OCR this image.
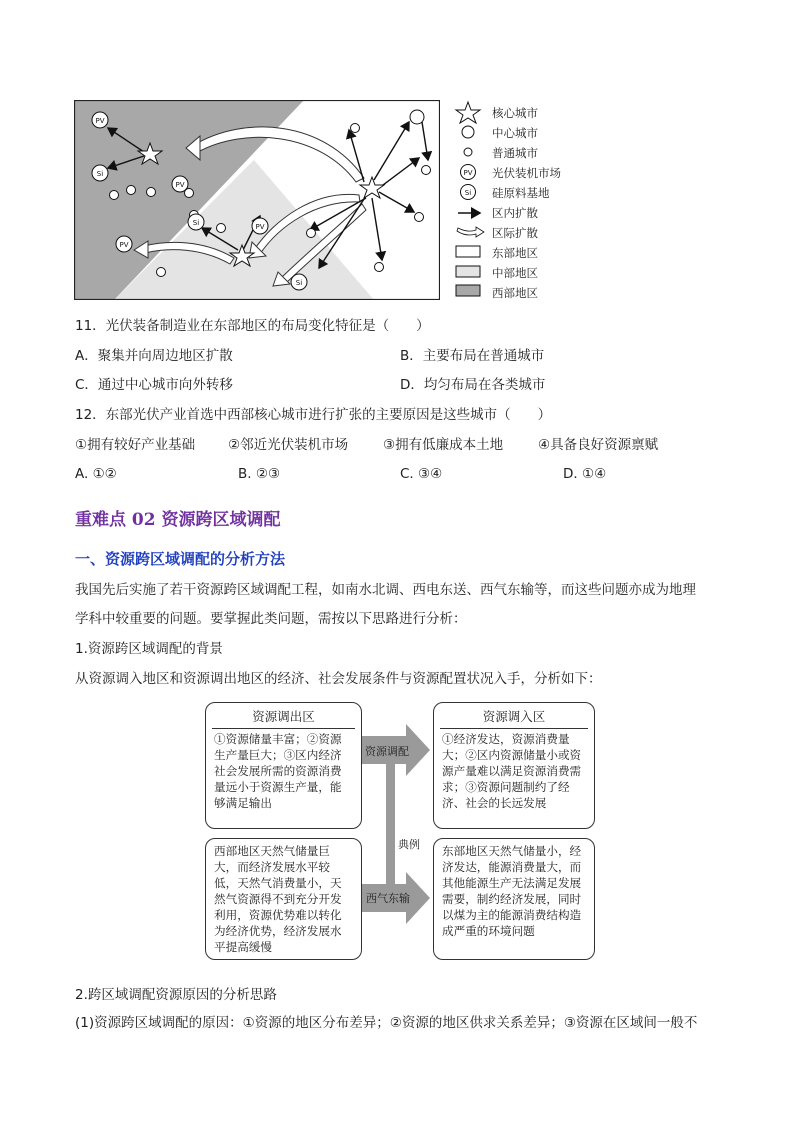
PV
Si
PV
Si	PV
PV
Si
PV
Si
核心城市
中心城市
普通城市
光伏装机市场
硅原料基地
区内扩散
区际扩散
东部地区
中部地区
西部地区
11．光伏装备制造业在东部地区的布局变化特征是（　　）
A．聚集并向周边地区扩散	B．主要布局在普通城市
C．通过中心城市向外转移	D．均匀布局在各类城市
12．东部光伏产业首选中西部核心城市进行扩张的主要原因是这些城市（　　）
①拥有较好产业基础 ②邻近光伏装机市场	③拥有低廉成本土地	④具备良好资源禀赋
A. ①②	B. ②③	C. ③④	D. ①④
重难点 02 资源跨区域调配
一、资源跨区域调配的分析方法
我国先后实施了若干资源跨区域调配工程，如南水北调、西电东送、西气东输等，而这些问题亦成为地理
学科中较重要的问题。要掌握此类问题，需按以下思路进行分析：
1.资源跨区域调配的背景
从资源调入地区和资源调出地区的经济、社会发展条件与资源配置状况入手，分析如下：
资源调出区
①资源储量丰富；②资源生产量巨大；③区内经济社会发展所需的资源消费量远小于资源生产量，能够满足输出
资源调入区
①经济发达，资源消费量大；②区内资源储量小或资源产量难以满足资源消费需求；③资源问题制约了经济、社会的长远发展
西部地区天然气储量巨大，而经济发展水平较低，天然气消费量小，天然气资源得不到充分开发利用，资源优势难以转化为经济优势，经济发展水平提高缓慢
东部地区天然气储量小，经济发达，能源消费量大，而其他能源生产无法满足发展需要，制约经济发展，同时以煤为主的能源消费结构造成严重的环境问题
资源调配
典例
西气东输
2.跨区域调配资源原因的分析思路
(1)资源跨区域调配的原因：①资源的地区分布差异；②资源的地区供求关系差异；③资源在区域间一般不
